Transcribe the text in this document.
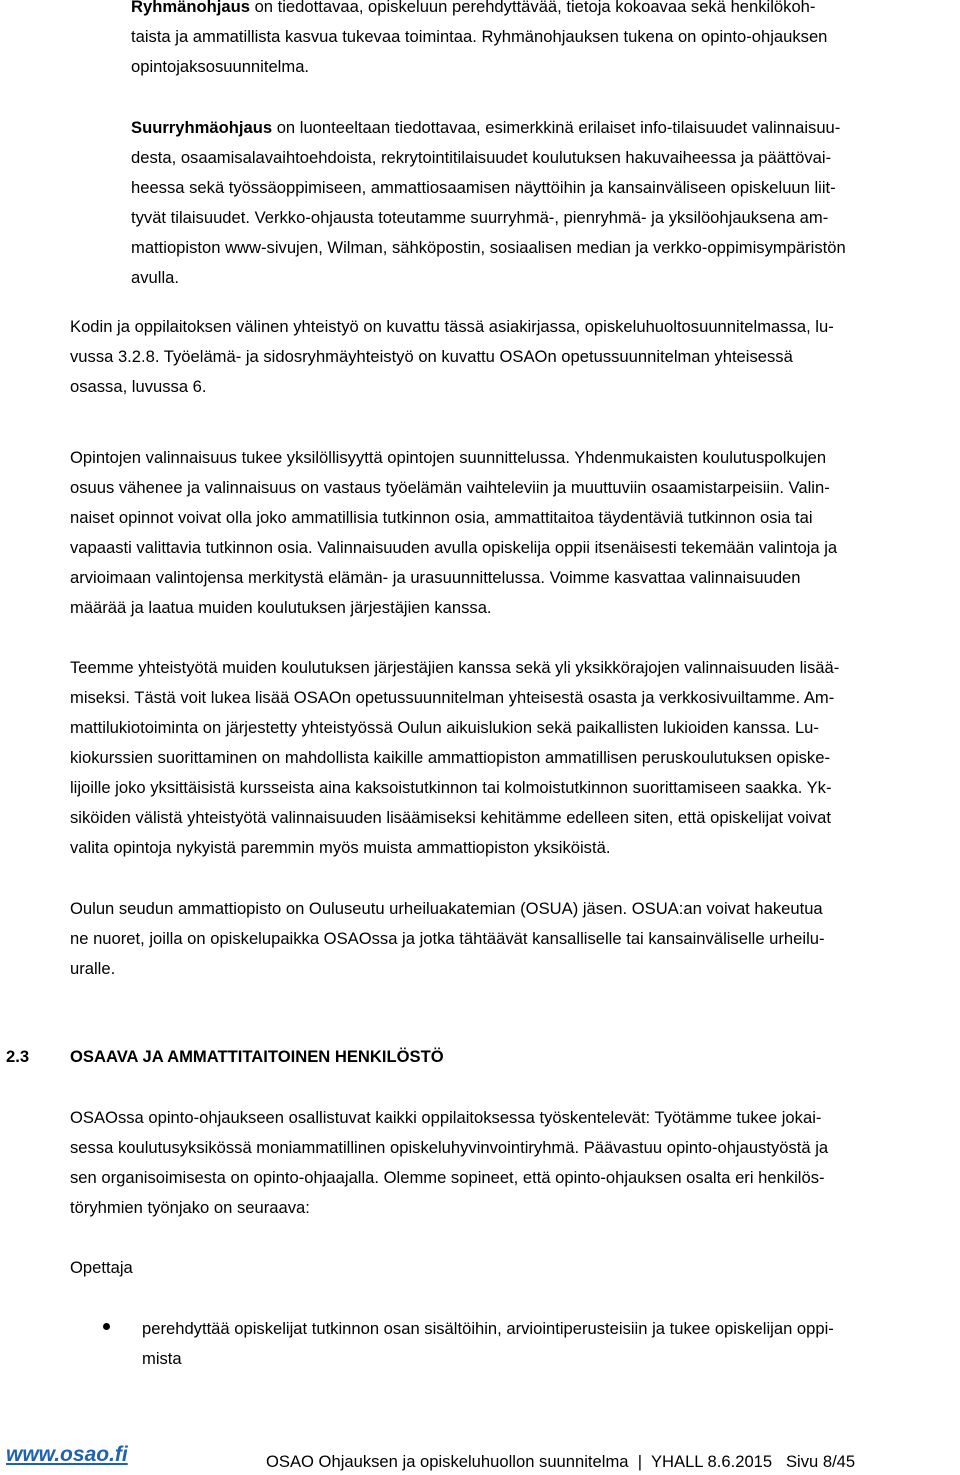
Ryhmänohjaus on tiedottavaa, opiskeluun perehdyttävää, tietoja kokoavaa sekä henkilökoh-
taista ja ammatillista kasvua tukevaa toimintaa. Ryhmänohjauksen tukena on opinto-ohjauksen
opintojaksosuunnitelma.

Suurryhmäohjaus on luonteeltaan tiedottavaa, esimerkkinä erilaiset info-tilaisuudet valinnaisuu-
desta, osaamisalavaihtoehdoista, rekrytointitilaisuudet koulutuksen hakuvaiheessa ja päättövai-
heessa sekä työssäoppimiseen, ammattiosaamisen näyttöihin ja kansainväliseen opiskeluun liit-
tyvät tilaisuudet. Verkko-ohjausta toteutamme suurryhmä-, pienryhmä- ja yksilöohjauksena am-
mattiopiston www-sivujen, Wilman, sähköpostin, sosiaalisen median ja verkko-oppimisympäristön
avulla.

Kodin ja oppilaitoksen välinen yhteistyö on kuvattu tässä asiakirjassa, opiskeluhuoltosuunnitelmassa, lu-
vussa 3.2.8. Työelämä- ja sidosryhmäyhteistyö on kuvattu OSAOn opetussuunnitelman yhteisessä
osassa, luvussa 6.

Opintojen valinnaisuus tukee yksilöllisyyttä opintojen suunnittelussa. Yhdenmukaisten koulutuspolkujen
osuus vähenee ja valinnaisuus on vastaus työelämän vaihteleviin ja muuttuviin osaamistarpeisiin. Valin-
naiset opinnot voivat olla joko ammatillisia tutkinnon osia, ammattitaitoa täydentäviä tutkinnon osia tai
vapaasti valittavia tutkinnon osia. Valinnaisuuden avulla opiskelija oppii itsenäisesti tekemään valintoja ja
arvioimaan valintojensa merkitystä elämän- ja urasuunnittelussa. Voimme kasvattaa valinnaisuuden
määrää ja laatua muiden koulutuksen järjestäjien kanssa.

Teemme yhteistyötä muiden koulutuksen järjestäjien kanssa sekä yli yksikkörajojen valinnaisuuden lisää-
miseksi. Tästä voit lukea lisää OSAOn opetussuunnitelman yhteisestä osasta ja verkkosivuiltamme. Am-
mattilukiotoiminta on järjestetty yhteistyössä Oulun aikuislukion sekä paikallisten lukioiden kanssa. Lu-
kiokurssien suorittaminen on mahdollista kaikille ammattiopiston ammatillisen peruskoulutuksen opiske-
lijoille joko yksittäisistä kursseista aina kaksoistutkinnon tai kolmoistutkinnon suorittamiseen saakka. Yk-
siköiden välistä yhteistyötä valinnaisuuden lisäämiseksi kehitämme edelleen siten, että opiskelijat voivat
valita opintoja nykyistä paremmin myös muista ammattiopiston yksiköistä.

Oulun seudun ammattiopisto on Ouluseutu urheiluakatemian (OSUA) jäsen. OSUA:an voivat hakeutua
ne nuoret, joilla on opiskelupaikka OSAOssa ja jotka tähtäävät kansalliselle tai kansainväliselle urheilu-
uralle.

2.3 OSAAVA JA AMMATTITAITOINEN HENKILÖSTÖ

OSAOssa opinto-ohjaukseen osallistuvat kaikki oppilaitoksessa työskentelevät: Työtämme tukee jokai-
sessa koulutusyksikössä moniammatillinen opiskeluhyvinvointiryhmä. Päävastuu opinto-ohjaustyöstä ja
sen organisoimisesta on opinto-ohjaajalla. Olemme sopineet, että opinto-ohjauksen osalta eri henkilös-
töryhmien työnjako on seuraava:

Opettaja

perehdyttää opiskelijat tutkinnon osan sisältöihin, arviointiperusteisiin ja tukee opiskelijan oppi-
mista

www.osao.fi	OSAO Ohjauksen ja opiskeluhuollon suunnitelma  |  YHALL 8.6.2015   Sivu 8/45
